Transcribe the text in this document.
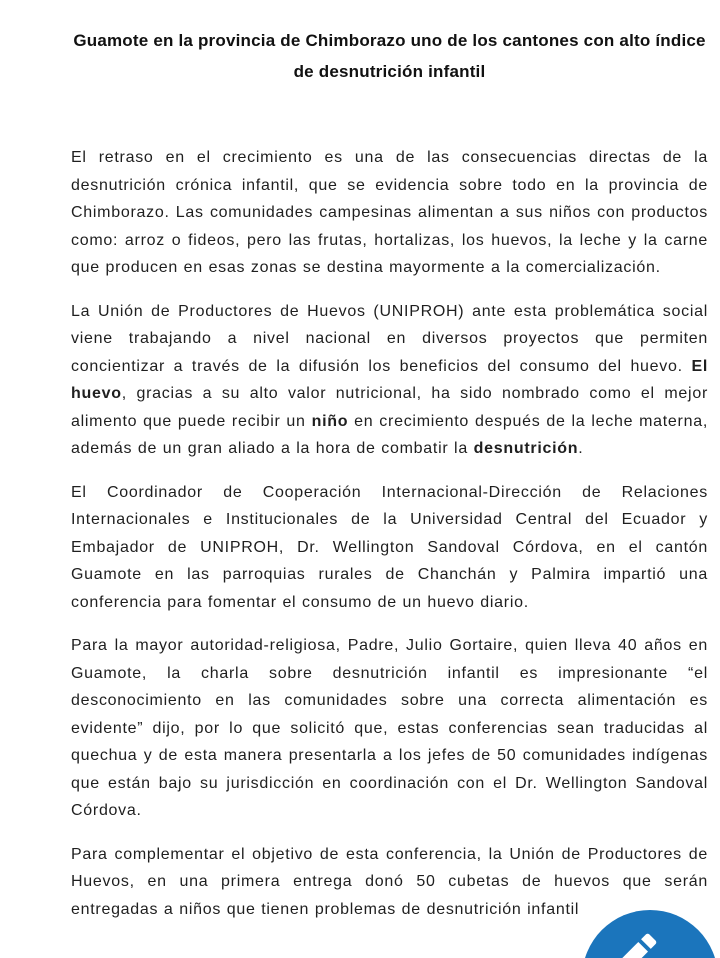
Guamote en la provincia de Chimborazo uno de los cantones con alto índice de desnutrición infantil

El retraso en el crecimiento es una de las consecuencias directas de la desnutrición crónica infantil, que se evidencia sobre todo en la provincia de Chimborazo. Las comunidades campesinas alimentan a sus niños con productos como: arroz o fideos, pero las frutas, hortalizas, los huevos, la leche y la carne que producen en esas zonas se destina mayormente a la comercialización.

La Unión de Productores de Huevos (UNIPROH) ante esta problemática social viene trabajando a nivel nacional en diversos proyectos que permiten concientizar a través de la difusión los beneficios del consumo del huevo. El huevo, gracias a su alto valor nutricional, ha sido nombrado como el mejor alimento que puede recibir un niño en crecimiento después de la leche materna, además de un gran aliado a la hora de combatir la desnutrición.

El Coordinador de Cooperación Internacional-Dirección de Relaciones Internacionales e Institucionales de la Universidad Central del Ecuador y Embajador de UNIPROH, Dr. Wellington Sandoval Córdova, en el cantón Guamote en las parroquias rurales de Chanchán y Palmira impartió una conferencia para fomentar el consumo de un huevo diario.

Para la mayor autoridad-religiosa, Padre, Julio Gortaire, quien lleva 40 años en Guamote, la charla sobre desnutrición infantil es impresionante “el desconocimiento en las comunidades sobre una correcta alimentación es evidente” dijo, por lo que solicitó que, estas conferencias sean traducidas al quechua y de esta manera presentarla a los jefes de 50 comunidades indígenas que están bajo su jurisdicción en coordinación con el Dr. Wellington Sandoval Córdova.

Para complementar el objetivo de esta conferencia, la Unión de Productores de Huevos, en una primera entrega donó 50 cubetas de huevos que serán entregadas a niños que tienen problemas de desnutrición infantil
